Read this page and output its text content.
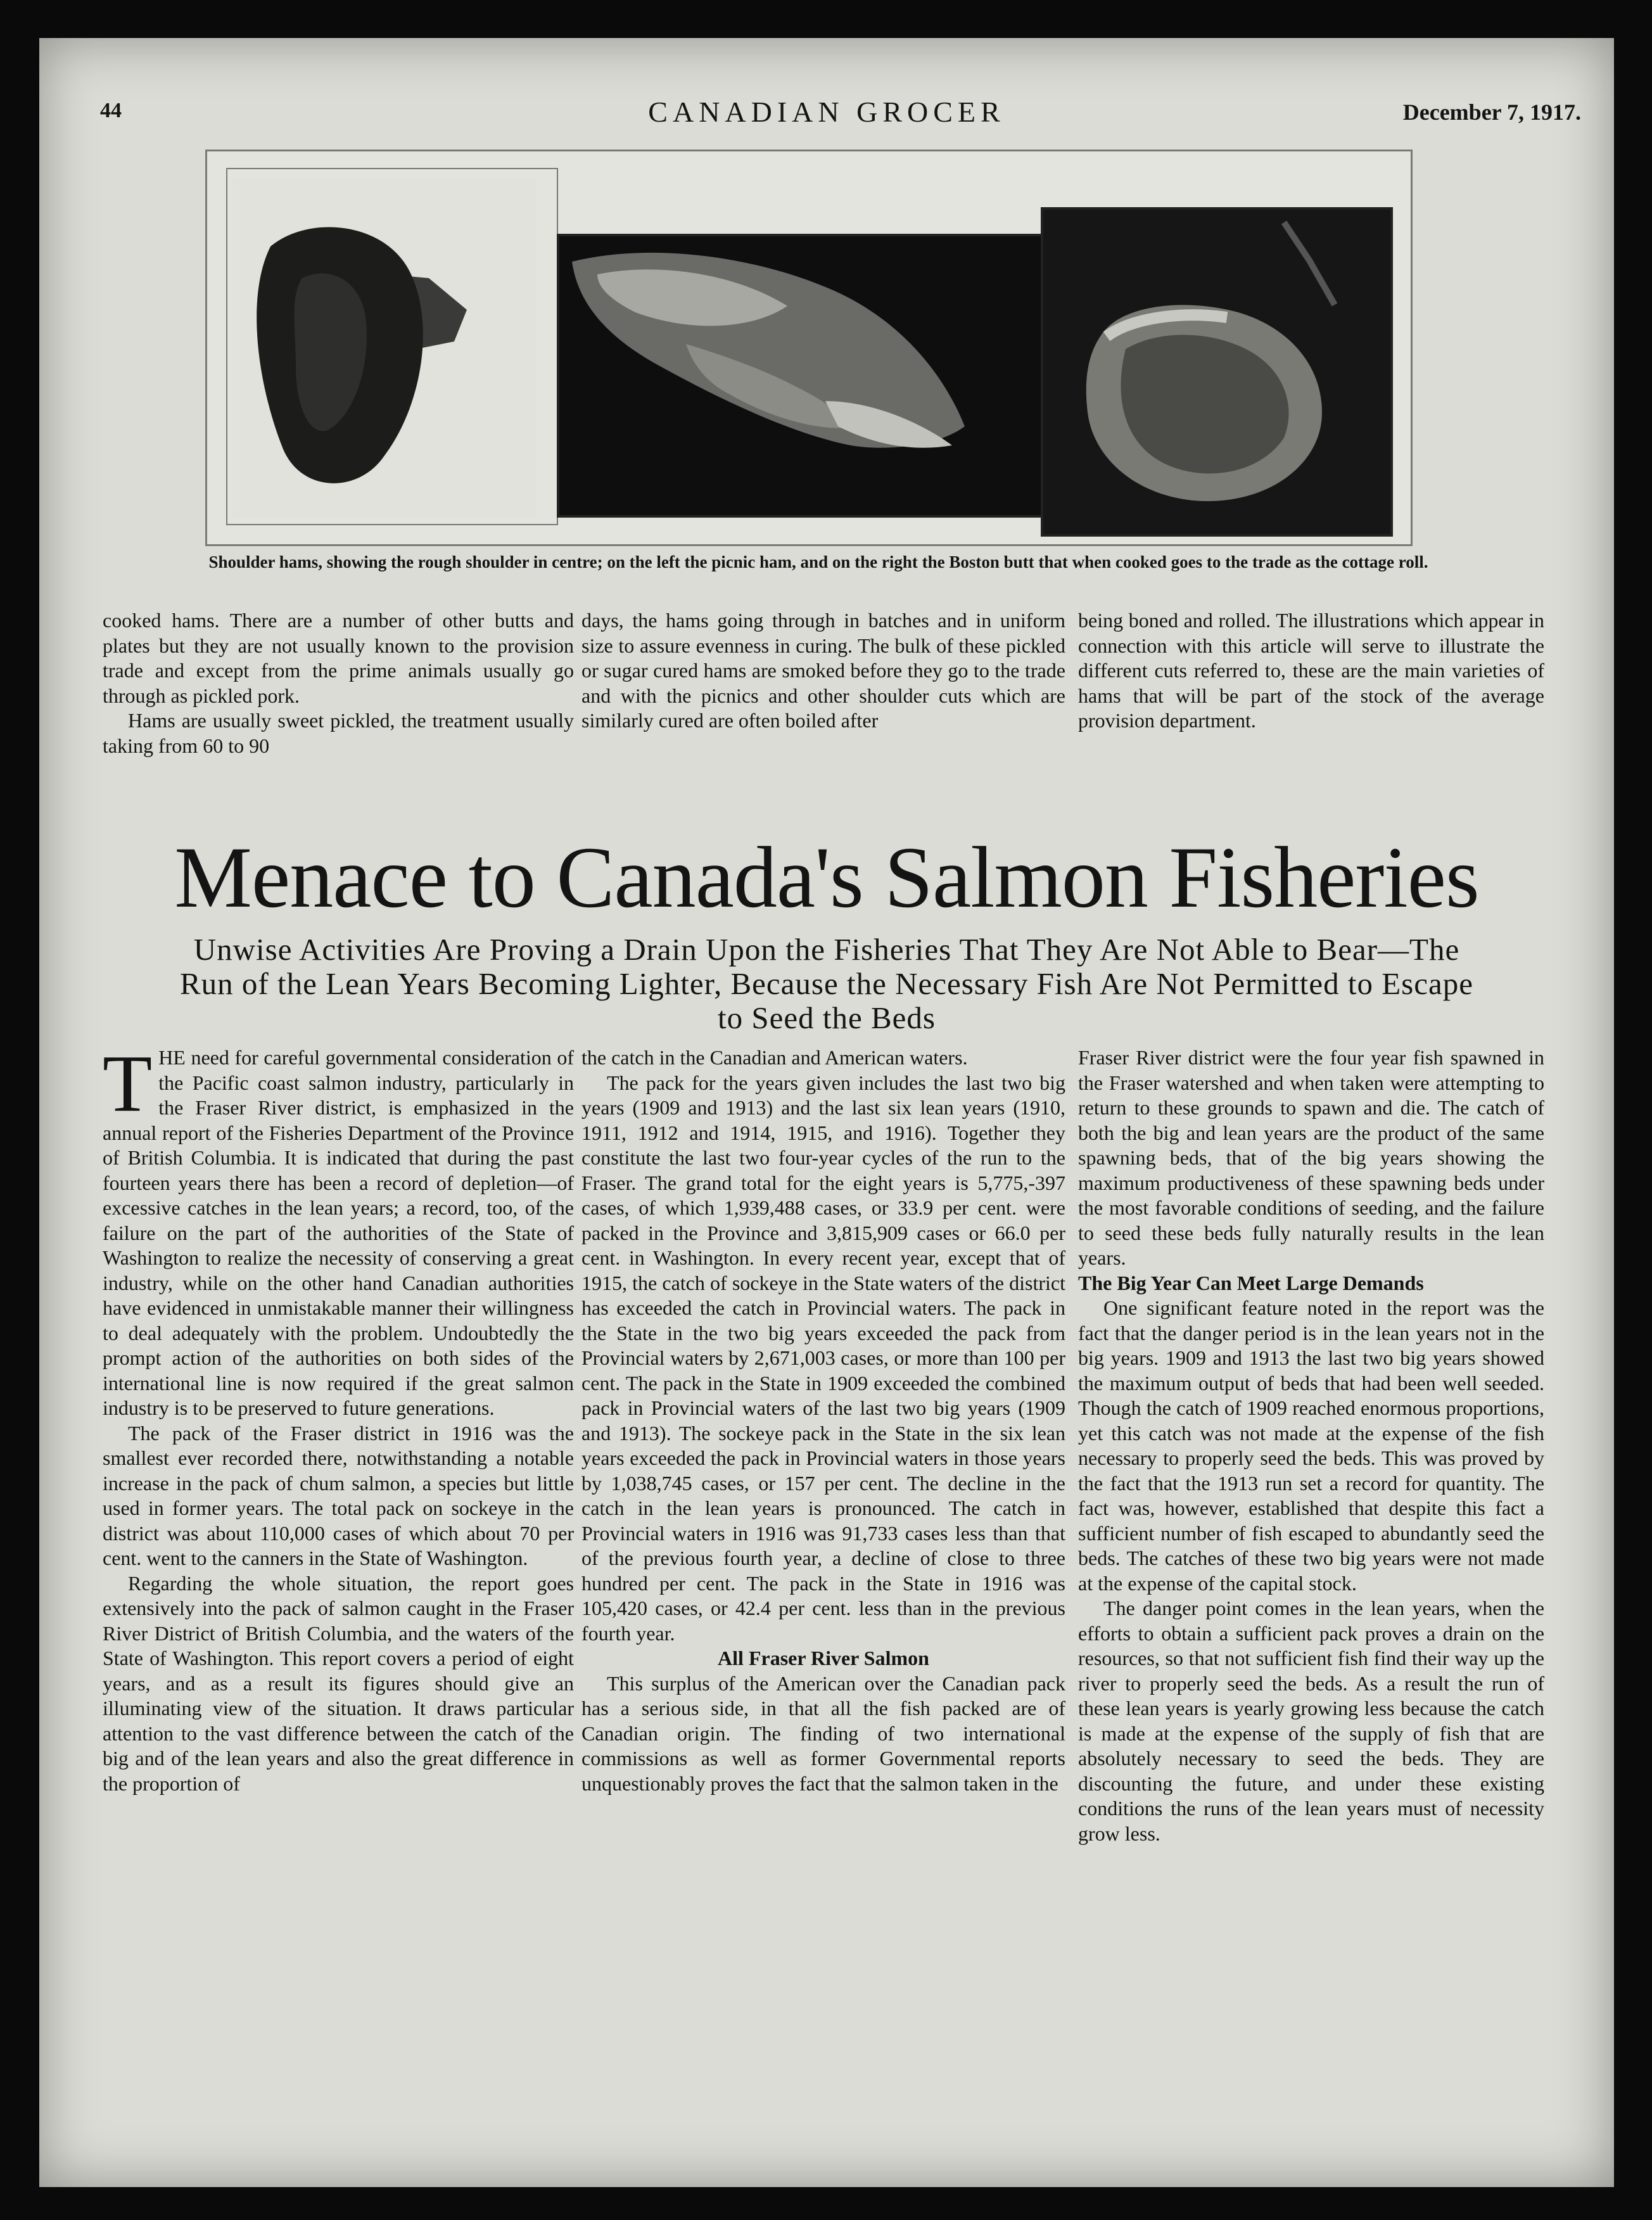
44	CANADIAN GROCER	December 7, 1917.
Shoulder hams, showing the rough shoulder in centre; on the left the picnic ham, and on the right the Boston butt that when cooked goes to the trade as the cottage roll.

cooked hams. There are a number of other butts and plates but they are not usually known to the provision trade and except from the prime animals usually go through as pickled pork.

Hams are usually sweet pickled, the treatment usually taking from 60 to 90

days, the hams going through in batches and in uniform size to assure evenness in curing. The bulk of these pickled or sugar cured hams are smoked before they go to the trade and with the picnics and other shoulder cuts which are similarly cured are often boiled after

being boned and rolled. The illustrations which appear in connection with this article will serve to illustrate the different cuts referred to, these are the main varieties of hams that will be part of the stock of the average provision department.

Menace to Canada's Salmon Fisheries
Unwise Activities Are Proving a Drain Upon the Fisheries That They Are Not Able to Bear—The Run of the Lean Years Becoming Lighter, Because the Necessary Fish Are Not Permitted to Escape to Seed the Beds

THE need for careful governmental consideration of the Pacific coast salmon industry, particularly in the Fraser River district, is emphasized in the annual report of the Fisheries Department of the Province of British Columbia. It is indicated that during the past fourteen years there has been a record of depletion—of excessive catches in the lean years; a record, too, of the failure on the part of the authorities of the State of Washington to realize the necessity of conserving a great industry, while on the other hand Canadian authorities have evidenced in unmistakable manner their willingness to deal adequately with the problem. Undoubtedly the prompt action of the authorities on both sides of the international line is now required if the great salmon industry is to be preserved to future generations.

The pack of the Fraser district in 1916 was the smallest ever recorded there, notwithstanding a notable increase in the pack of chum salmon, a species but little used in former years. The total pack on sockeye in the district was about 110,000 cases of which about 70 per cent. went to the canners in the State of Washington.

Regarding the whole situation, the report goes extensively into the pack of salmon caught in the Fraser River District of British Columbia, and the waters of the State of Washington. This report covers a period of eight years, and as a result its figures should give an illuminating view of the situation. It draws particular attention to the vast difference between the catch of the big and of the lean years and also the great difference in the proportion of

the catch in the Canadian and American waters.

The pack for the years given includes the last two big years (1909 and 1913) and the last six lean years (1910, 1911, 1912 and 1914, 1915, and 1916). Together they constitute the last two four-year cycles of the run to the Fraser. The grand total for the eight years is 5,775,-397 cases, of which 1,939,488 cases, or 33.9 per cent. were packed in the Province and 3,815,909 cases or 66.0 per cent. in Washington. In every recent year, except that of 1915, the catch of sockeye in the State waters of the district has exceeded the catch in Provincial waters. The pack in the State in the two big years exceeded the pack from Provincial waters by 2,671,003 cases, or more than 100 per cent. The pack in the State in 1909 exceeded the combined pack in Provincial waters of the last two big years (1909 and 1913). The sockeye pack in the State in the six lean years exceeded the pack in Provincial waters in those years by 1,038,745 cases, or 157 per cent. The decline in the catch in the lean years is pronounced. The catch in Provincial waters in 1916 was 91,733 cases less than that of the previous fourth year, a decline of close to three hundred per cent. The pack in the State in 1916 was 105,420 cases, or 42.4 per cent. less than in the previous fourth year.

All Fraser River Salmon

This surplus of the American over the Canadian pack has a serious side, in that all the fish packed are of Canadian origin. The finding of two international commissions as well as former Governmental reports unquestionably proves the fact that the salmon taken in the

Fraser River district were the four year fish spawned in the Fraser watershed and when taken were attempting to return to these grounds to spawn and die. The catch of both the big and lean years are the product of the same spawning beds, that of the big years showing the maximum productiveness of these spawning beds under the most favorable conditions of seeding, and the failure to seed these beds fully naturally results in the lean years.

The Big Year Can Meet Large Demands

One significant feature noted in the report was the fact that the danger period is in the lean years not in the big years. 1909 and 1913 the last two big years showed the maximum output of beds that had been well seeded. Though the catch of 1909 reached enormous proportions, yet this catch was not made at the expense of the fish necessary to properly seed the beds. This was proved by the fact that the 1913 run set a record for quantity. The fact was, however, established that despite this fact a sufficient number of fish escaped to abundantly seed the beds. The catches of these two big years were not made at the expense of the capital stock.

The danger point comes in the lean years, when the efforts to obtain a sufficient pack proves a drain on the resources, so that not sufficient fish find their way up the river to properly seed the beds. As a result the run of these lean years is yearly growing less because the catch is made at the expense of the supply of fish that are absolutely necessary to seed the beds. They are discounting the future, and under these existing conditions the runs of the lean years must of necessity grow less.
